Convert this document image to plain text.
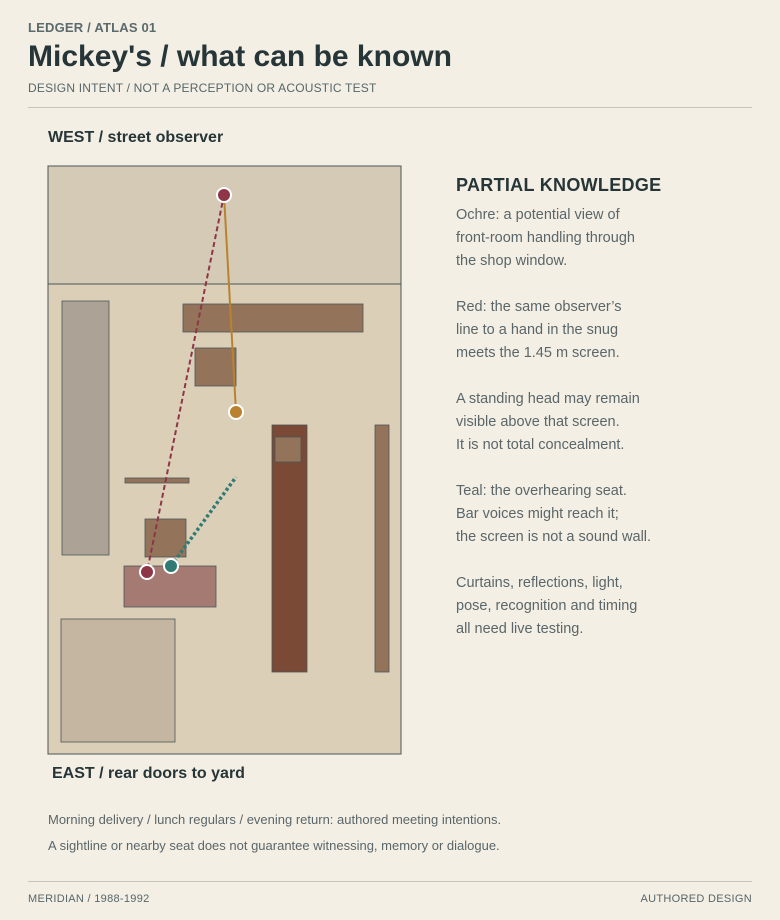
LEDGER / ATLAS 01
Mickey's / what can be known
DESIGN INTENT / NOT A PERCEPTION OR ACOUSTIC TEST
WEST / street observer
EAST / rear doors to yard
PARTIAL KNOWLEDGE

Ochre: a potential view of
front-room handling through
the shop window.

Red: the same observer’s
line to a hand in the snug
meets the 1.45 m screen.

A standing head may remain
visible above that screen.
It is not total concealment.

Teal: the overhearing seat.
Bar voices might reach it;
the screen is not a sound wall.

Curtains, reflections, light,
pose, recognition and timing
all need live testing.

Morning delivery / lunch regulars / evening return: authored meeting intentions.
A sightline or nearby seat does not guarantee witnessing, memory or dialogue.
MERIDIAN / 1988-1992	AUTHORED DESIGN
